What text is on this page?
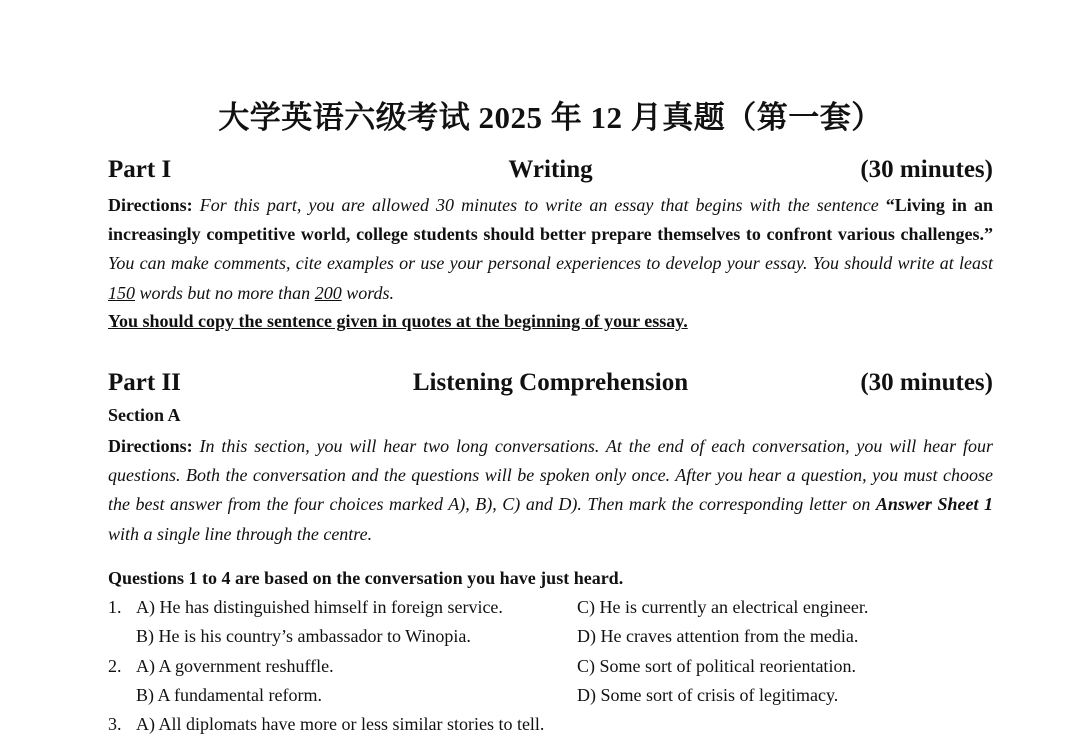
大学英语六级考试 2025 年 12 月真题（第一套）
Part I	Writing	(30 minutes)
Directions: For this part, you are allowed 30 minutes to write an essay that begins with the sentence “Living in an increasingly competitive world, college students should better prepare themselves to confront various challenges.” You can make comments, cite examples or use your personal experiences to develop your essay. You should write at least 150 words but no more than 200 words.
You should copy the sentence given in quotes at the beginning of your essay.
Part II	Listening Comprehension	(30 minutes)
Section A
Directions: In this section, you will hear two long conversations. At the end of each conversation, you will hear four questions. Both the conversation and the questions will be spoken only once. After you hear a question, you must choose the best answer from the four choices marked A), B), C) and D). Then mark the corresponding letter on Answer Sheet 1 with a single line through the centre.
Questions 1 to 4 are based on the conversation you have just heard.
1. A) He has distinguished himself in foreign service.	C) He is currently an electrical engineer.
B) He is his country’s ambassador to Winopia.	D) He craves attention from the media.
2. A) A government reshuffle.	C) Some sort of political reorientation.
B) A fundamental reform.	D) Some sort of crisis of legitimacy.
3. A) All diplomats have more or less similar stories to tell.
